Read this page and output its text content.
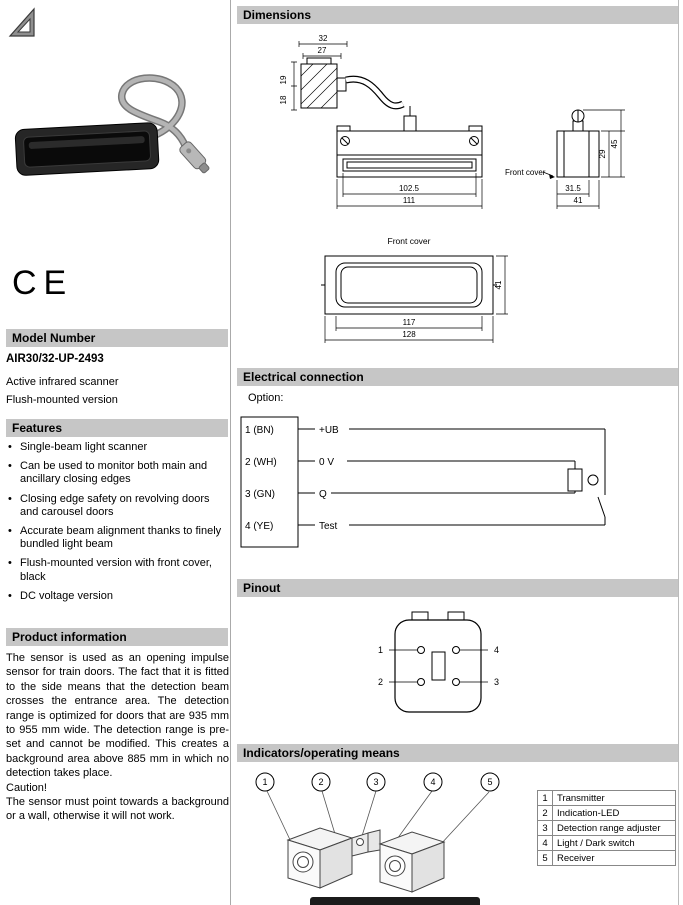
CE
Model Number
AIR30/32-UP-2493
Active infrared scanner
Flush-mounted version
Features
• Single-beam light scanner
• Can be used to monitor both main and ancillary closing edges
• Closing edge safety on revolving doors and carousel doors
• Accurate beam alignment thanks to finely bundled light beam
• Flush-mounted version with front cover, black
• DC voltage version
Product information

The sensor is used as an opening impulse sensor for train doors. The fact that it is fitted to the side means that the detection beam crosses the entrance area. The detection range is optimized for doors that are 935 mm to 955 mm wide. The detection range is pre-set and cannot be modified. This creates a background area above 885 mm in which no detection takes place.

Caution!

The sensor must point towards a background or a wall, otherwise it will not work.

Dimensions
32
27
19
18
102.5
111
29
45
31.5
41
Front cover
Front cover
117
128
41
Electrical connection
Option:
1 (BN)
2 (WH)
3 (GN)
4 (YE)
+UB
0 V
Q
Test
Pinout
1
2
4
3
Indicators/operating means
1	2	3	4	5
1	Transmitter
2	Indication-LED
3	Detection range adjuster
4	Light / Dark switch
5	Receiver
